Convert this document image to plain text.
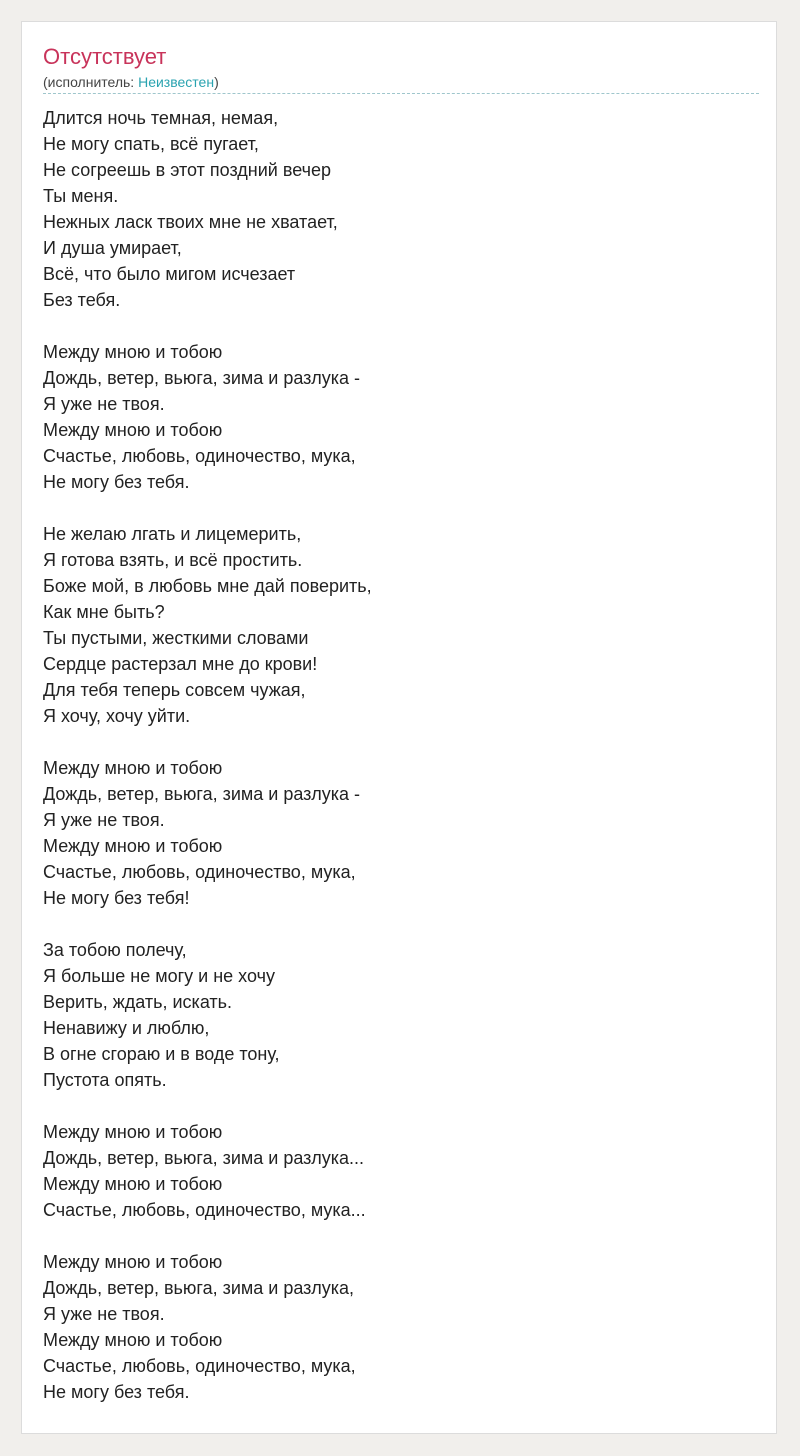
Отсутствует
(исполнитель: Неизвестен)
Длится ночь темная, немая,
Не могу спать, всё пугает,
Не согреешь в этот поздний вечер
Ты меня.
Нежных ласк твоих мне не хватает,
И душа умирает,
Всё, что было мигом исчезает
Без тебя.
Между мною и тобою
Дождь, ветер, вьюга, зима и разлука -
Я уже не твоя.
Между мною и тобою
Счастье, любовь, одиночество, мука,
Не могу без тебя.
Не желаю лгать и лицемерить,
Я готова взять, и всё простить.
Боже мой, в любовь мне дай поверить,
Как мне быть?
Ты пустыми, жесткими словами
Сердце растерзал мне до крови!
Для тебя теперь совсем чужая,
Я хочу, хочу уйти.
Между мною и тобою
Дождь, ветер, вьюга, зима и разлука -
Я уже не твоя.
Между мною и тобою
Счастье, любовь, одиночество, мука,
Не могу без тебя!
За тобою полечу,
Я больше не могу и не хочу
Верить, ждать, искать.
Ненавижу и люблю,
В огне сгораю и в воде тону,
Пустота опять.
Между мною и тобою
Дождь, ветер, вьюга, зима и разлука...
Между мною и тобою
Счастье, любовь, одиночество, мука...
Между мною и тобою
Дождь, ветер, вьюга, зима и разлука,
Я уже не твоя.
Между мною и тобою
Счастье, любовь, одиночество, мука,
Не могу без тебя.
